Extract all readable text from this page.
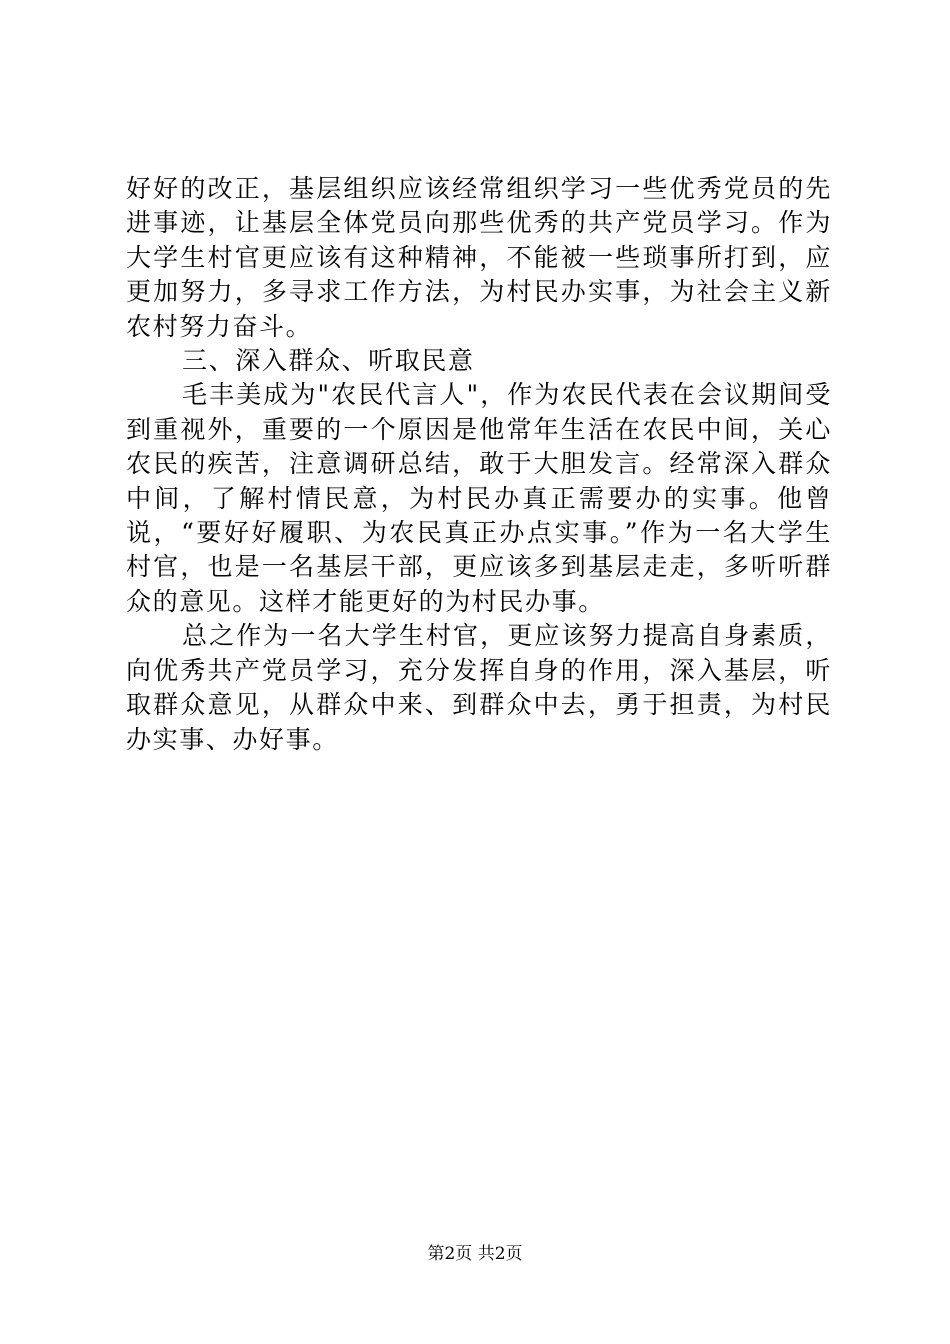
好好的改正，基层组织应该经常组织学习一些优秀党员的先进事迹，让基层全体党员向那些优秀的共产党员学习。作为大学生村官更应该有这种精神，不能被一些琐事所打到，应更加努力，多寻求工作方法，为村民办实事，为社会主义新农村努力奋斗。

三、深入群众、听取民意

毛丰美成为"农民代言人"，作为农民代表在会议期间受到重视外，重要的一个原因是他常年生活在农民中间，关心农民的疾苦，注意调研总结，敢于大胆发言。经常深入群众中间，了解村情民意，为村民办真正需要办的实事。他曾说，“要好好履职、为农民真正办点实事。”作为一名大学生村官，也是一名基层干部，更应该多到基层走走，多听听群众的意见。这样才能更好的为村民办事。

总之作为一名大学生村官，更应该努力提高自身素质，向优秀共产党员学习，充分发挥自身的作用，深入基层，听取群众意见，从群众中来、到群众中去，勇于担责，为村民办实事、办好事。

第2页 共2页
